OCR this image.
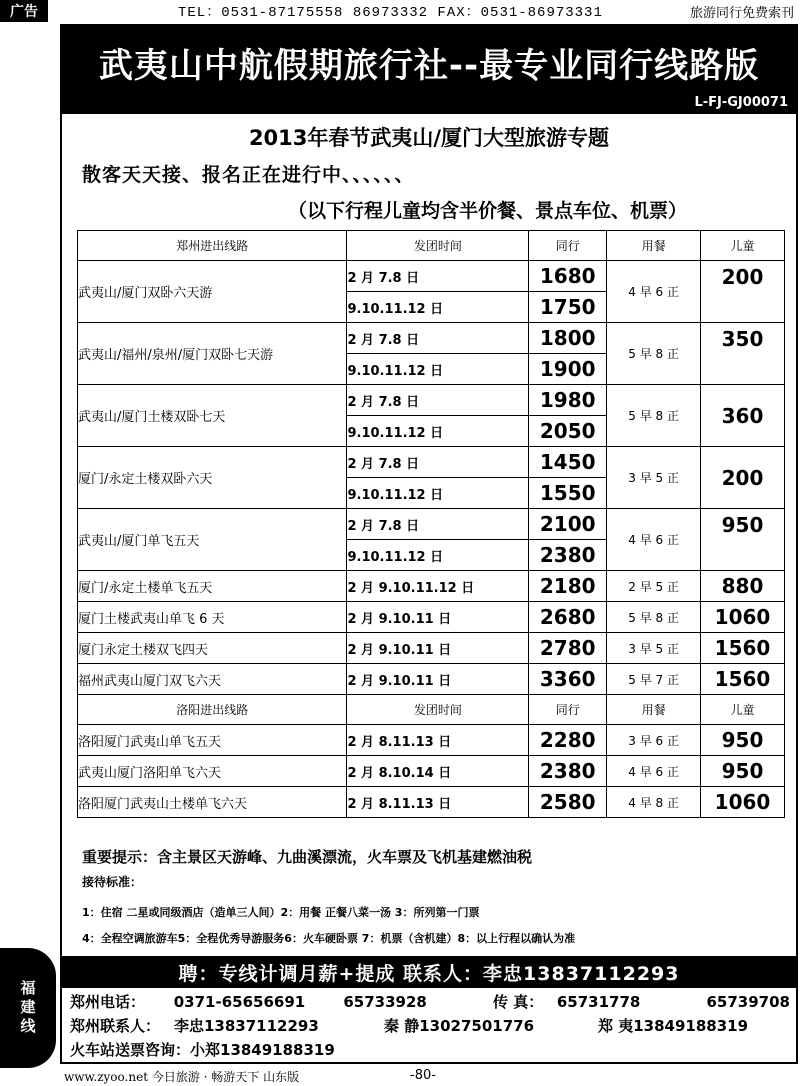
广告	TEL：0531-87175558 86973332 FAX：0531-86973331	旅游同行免费索刊
武夷山中航假期旅行社--最专业同行线路版
L-FJ-GJ00071
2013年春节武夷山/厦门大型旅游专题
散客天天接、报名正在进行中、、、、、、
（以下行程儿童均含半价餐、景点车位、机票）
郑州进出线路	发团时间	同行	用餐	儿童
武夷山/厦门双卧六天游	2 月 7.8 日	1680	4 早 6 正	200
	9.10.11.12 日	1750		
武夷山/福州/泉州/厦门双卧七天游	2 月 7.8 日	1800	5 早 8 正	350
	9.10.11.12 日	1900		
武夷山/厦门土楼双卧七天	2 月 7.8 日	1980	5 早 8 正	360
	9.10.11.12 日	2050		
厦门/永定土楼双卧六天	2 月 7.8 日	1450	3 早 5 正	200
	9.10.11.12 日	1550		
武夷山/厦门单飞五天	2 月 7.8 日	2100	4 早 6 正	950
	9.10.11.12 日	2380		
厦门/永定土楼单飞五天	2 月 9.10.11.12 日	2180	2 早 5 正	880
厦门土楼武夷山单飞 6 天	2 月 9.10.11 日	2680	5 早 8 正	1060
厦门永定土楼双飞四天	2 月 9.10.11 日	2780	3 早 5 正	1560
福州武夷山厦门双飞六天	2 月 9.10.11 日	3360	5 早 7 正	1560
洛阳进出线路	发团时间	同行	用餐	儿童
洛阳厦门武夷山单飞五天	2 月 8.11.13 日	2280	3 早 6 正	950
武夷山厦门洛阳单飞六天	2 月 8.10.14 日	2380	4 早 6 正	950
洛阳厦门武夷山土楼单飞六天	2 月 8.11.13 日	2580	4 早 8 正	1060
重要提示：含主景区天游峰、九曲溪漂流，火车票及飞机基建燃油税
接待标准：
1：住宿 二星或同级酒店（造单三人间）2：用餐 正餐八菜一汤 3：所列第一门票
4：全程空调旅游车5：全程优秀导游服务6：火车硬卧票 7：机票（含机建）8：以上行程以确认为准
聘：专线计调月薪+提成 联系人：李忠13837112293
郑州电话：	0371-65656691	65733928	传 真： 65731778	65739708
郑州联系人： 李忠13837112293	秦 静13027501776	郑 夷13849188319
火车站送票咨询：小郑13849188319
福建线
www.zyoo.net 今日旅游 · 畅游天下 山东版	-80-
